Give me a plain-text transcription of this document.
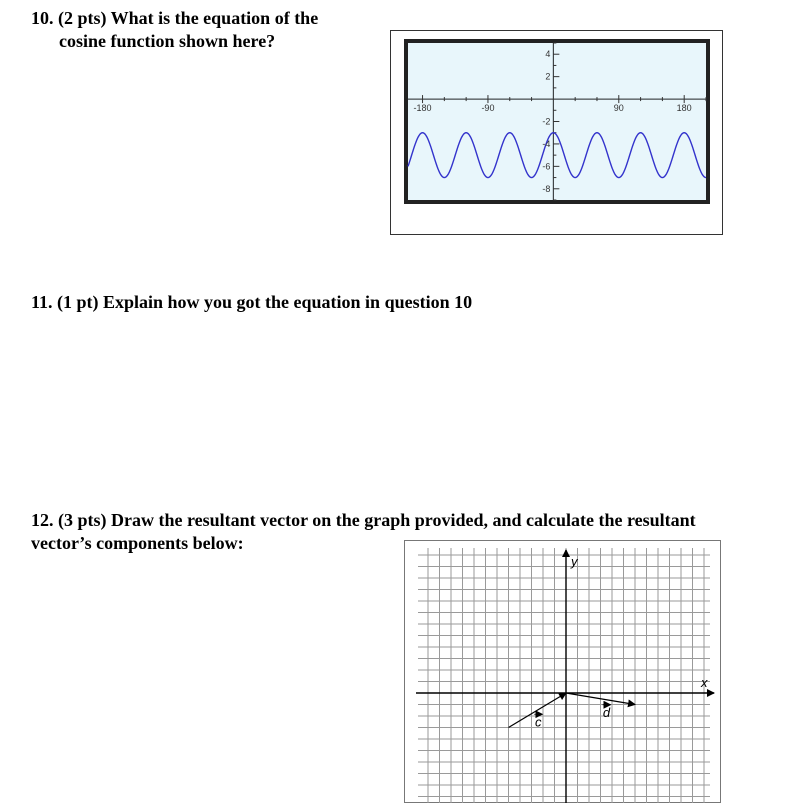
10. (2 pts) What is the equation of the
cosine function shown here?
-180	-90	90	180
4
2
-2
-4
-6
-8
11. (1 pt) Explain how you got the equation in question 10
12. (3 pts) Draw the resultant vector on the graph provided, and calculate the resultant
vector’s components below:
c
d
x
y
